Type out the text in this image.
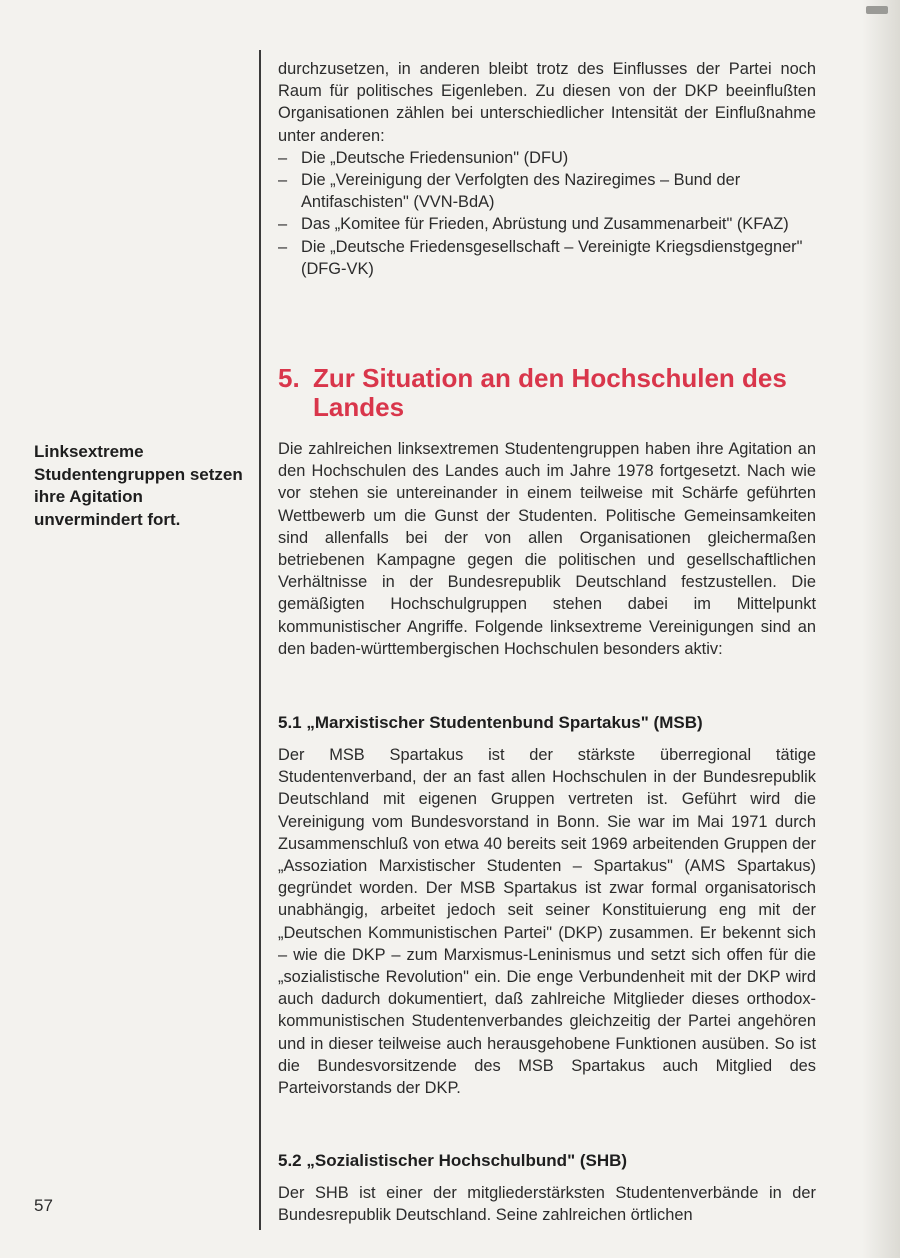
durchzusetzen, in anderen bleibt trotz des Einflusses der Partei noch Raum für politisches Eigenleben. Zu diesen von der DKP beeinflußten Organisationen zählen bei unterschiedlicher Intensität der Einflußnahme unter anderen:

– Die „Deutsche Friedensunion" (DFU)
– Die „Vereinigung der Verfolgten des Naziregimes – Bund der Antifaschisten" (VVN-BdA)
– Das „Komitee für Frieden, Abrüstung und Zusammenarbeit" (KFAZ)
– Die „Deutsche Friedensgesellschaft – Vereinigte Kriegsdienstgegner" (DFG-VK)
5. Zur Situation an den Hochschulen des Landes
Linksextreme Studentengruppen setzen ihre Agitation unvermindert fort.

Die zahlreichen linksextremen Studentengruppen haben ihre Agitation an den Hochschulen des Landes auch im Jahre 1978 fortgesetzt. Nach wie vor stehen sie untereinander in einem teilweise mit Schärfe geführten Wettbewerb um die Gunst der Studenten. Politische Gemeinsamkeiten sind allenfalls bei der von allen Organisationen gleichermaßen betriebenen Kampagne gegen die politischen und gesellschaftlichen Verhältnisse in der Bundesrepublik Deutschland festzustellen. Die gemäßigten Hochschulgruppen stehen dabei im Mittelpunkt kommunistischer Angriffe. Folgende linksextreme Vereinigungen sind an den baden-württembergischen Hochschulen besonders aktiv:

5.1 „Marxistischer Studentenbund Spartakus" (MSB)

Der MSB Spartakus ist der stärkste überregional tätige Studentenverband, der an fast allen Hochschulen in der Bundesrepublik Deutschland mit eigenen Gruppen vertreten ist. Geführt wird die Vereinigung vom Bundesvorstand in Bonn. Sie war im Mai 1971 durch Zusammenschluß von etwa 40 bereits seit 1969 arbeitenden Gruppen der „Assoziation Marxistischer Studenten – Spartakus" (AMS Spartakus) gegründet worden. Der MSB Spartakus ist zwar formal organisatorisch unabhängig, arbeitet jedoch seit seiner Konstituierung eng mit der „Deutschen Kommunistischen Partei" (DKP) zusammen. Er bekennt sich – wie die DKP – zum Marxismus-Leninismus und setzt sich offen für die „sozialistische Revolution" ein. Die enge Verbundenheit mit der DKP wird auch dadurch dokumentiert, daß zahlreiche Mitglieder dieses orthodox-kommunistischen Studentenverbandes gleichzeitig der Partei angehören und in dieser teilweise auch herausgehobene Funktionen ausüben. So ist die Bundesvorsitzende des MSB Spartakus auch Mitglied des Parteivorstands der DKP.

5.2 „Sozialistischer Hochschulbund" (SHB)

Der SHB ist einer der mitgliederstärksten Studentenverbände in der Bundesrepublik Deutschland. Seine zahlreichen örtlichen

57
